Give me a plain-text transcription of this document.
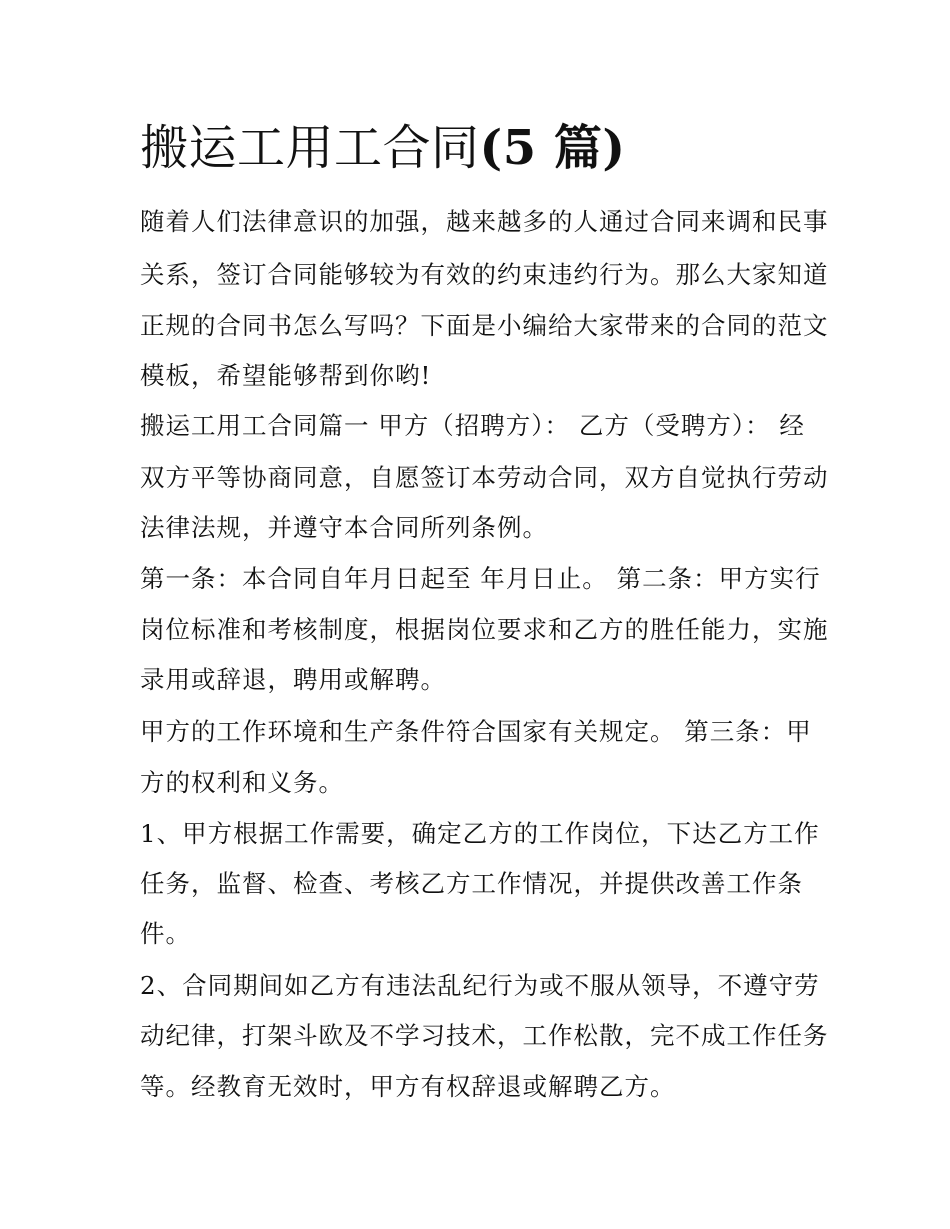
搬运工用工合同(5 篇)

随着人们法律意识的加强，越来越多的人通过合同来调和民事

关系，签订合同能够较为有效的约束违约行为。那么大家知道

正规的合同书怎么写吗？下面是小编给大家带来的合同的范文

模板，希望能够帮到你哟!

搬运工用工合同篇一 甲方（招聘方）： 乙方（受聘方）： 经

双方平等协商同意，自愿签订本劳动合同，双方自觉执行劳动

法律法规，并遵守本合同所列条例。

第一条：本合同自年月日起至 年月日止。 第二条：甲方实行

岗位标准和考核制度，根据岗位要求和乙方的胜任能力，实施

录用或辞退，聘用或解聘。

甲方的工作环境和生产条件符合国家有关规定。 第三条：甲

方的权利和义务。

1、甲方根据工作需要，确定乙方的工作岗位，下达乙方工作

任务，监督、检查、考核乙方工作情况，并提供改善工作条

件。

2、合同期间如乙方有违法乱纪行为或不服从领导，不遵守劳

动纪律，打架斗欧及不学习技术，工作松散，完不成工作任务

等。经教育无效时，甲方有权辞退或解聘乙方。
